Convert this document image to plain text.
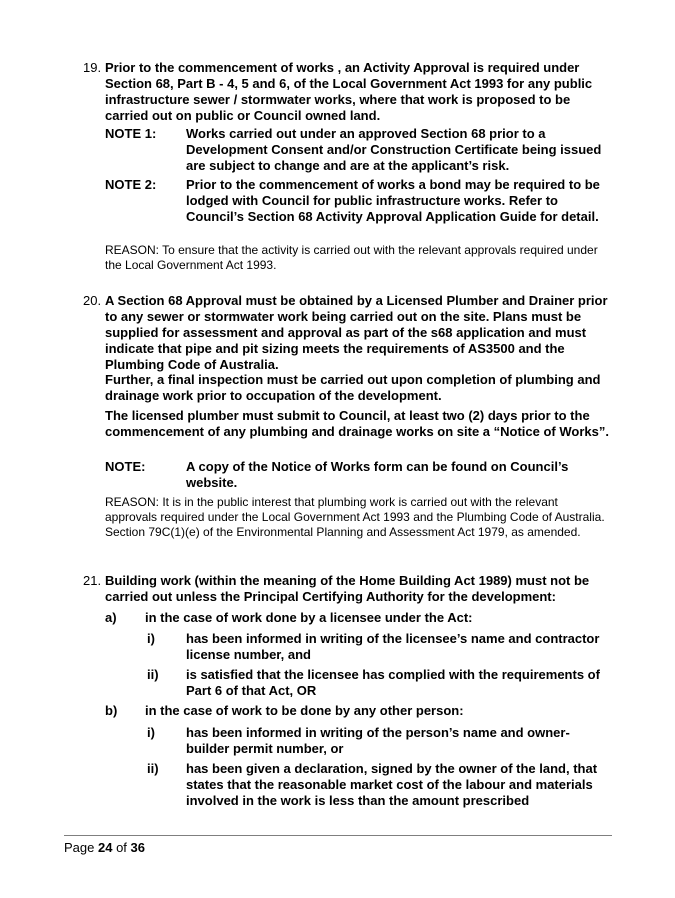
19. Prior to the commencement of works , an Activity Approval is required under Section 68, Part B - 4, 5 and 6, of the Local Government Act 1993 for any public infrastructure sewer / stormwater works, where that work is proposed to be carried out on public or Council owned land.
NOTE 1: Works carried out under an approved Section 68 prior to a Development Consent and/or Construction Certificate being issued are subject to change and are at the applicant’s risk.
NOTE 2: Prior to the commencement of works a bond may be required to be lodged with Council for public infrastructure works. Refer to Council’s Section 68 Activity Approval Application Guide for detail.
REASON: To ensure that the activity is carried out with the relevant approvals required under the Local Government Act 1993.
20. A Section 68 Approval must be obtained by a Licensed Plumber and Drainer prior to any sewer or stormwater work being carried out on the site. Plans must be supplied for assessment and approval as part of the s68 application and must indicate that pipe and pit sizing meets the requirements of AS3500 and the Plumbing Code of Australia.
Further, a final inspection must be carried out upon completion of plumbing and drainage work prior to occupation of the development.
The licensed plumber must submit to Council, at least two (2) days prior to the commencement of any plumbing and drainage works on site a “Notice of Works”.
NOTE:	A copy of the Notice of Works form can be found on Council’s website.
REASON: It is in the public interest that plumbing work is carried out with the relevant approvals required under the Local Government Act 1993 and the Plumbing Code of Australia. Section 79C(1)(e) of the Environmental Planning and Assessment Act 1979, as amended.
21. Building work (within the meaning of the Home Building Act 1989) must not be carried out unless the Principal Certifying Authority for the development:
a) in the case of work done by a licensee under the Act:
i) has been informed in writing of the licensee’s name and contractor license number, and
ii) is satisfied that the licensee has complied with the requirements of Part 6 of that Act, OR
b) in the case of work to be done by any other person:
i) has been informed in writing of the person’s name and owner-builder permit number, or
ii) has been given a declaration, signed by the owner of the land, that states that the reasonable market cost of the labour and materials involved in the work is less than the amount prescribed
Page 24 of 36
